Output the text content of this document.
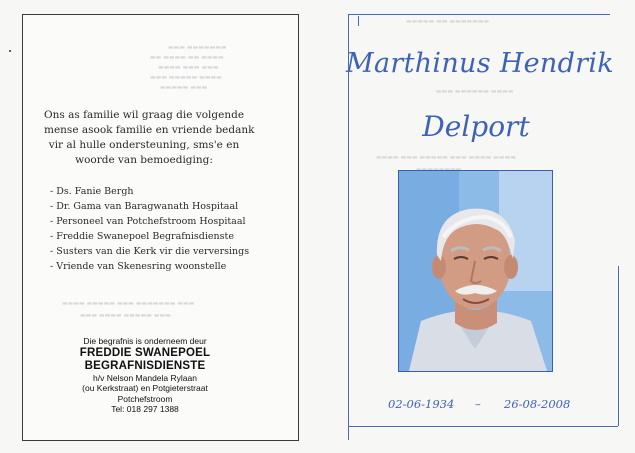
▬▬▬ ▬▬▬▬▬▬▬
▬▬ ▬▬▬▬ ▬▬ ▬▬▬▬
▬▬▬▬ ▬▬▬ ▬▬▬
▬▬▬ ▬▬▬▬▬ ▬▬▬▬
▬▬▬▬▬ ▬▬▬
▬▬▬▬ ▬▬▬▬▬ ▬▬▬ ▬▬▬▬▬▬▬ ▬▬▬
▬▬▬ ▬▬▬▬ ▬▬▬▬▬ ▬▬▬
Ons as familie wil graag die volgende
mense asook familie en vriende bedank
vir al hulle ondersteuning, sms'e en
woorde van bemoediging:
- Ds. Fanie Bergh
- Dr. Gama van Baragwanath Hospitaal
- Personeel van Potchefstroom Hospitaal
- Freddie Swanepoel Begrafnisdienste
- Susters van die Kerk vir die verversings
- Vriende van Skenesring woonstelle
Die begrafnis is onderneem deur
FREDDIE SWANEPOEL
BEGRAFNISDIENSTE
h/v Nelson Mandela Rylaan
(ou Kerkstraat) en Potgieterstraat
Potchefstroom
Tel: 018 297 1388
▬▬▬▬▬ ▬▬ ▬▬▬▬▬▬▬
▬▬▬ ▬▬▬▬▬▬ ▬▬▬▬
▬▬▬▬ ▬▬▬ ▬▬▬▬▬ ▬▬▬ ▬▬▬▬ ▬▬▬▬
Marthinus Hendrik
Delport
02-06-1934 – 26-08-2008
